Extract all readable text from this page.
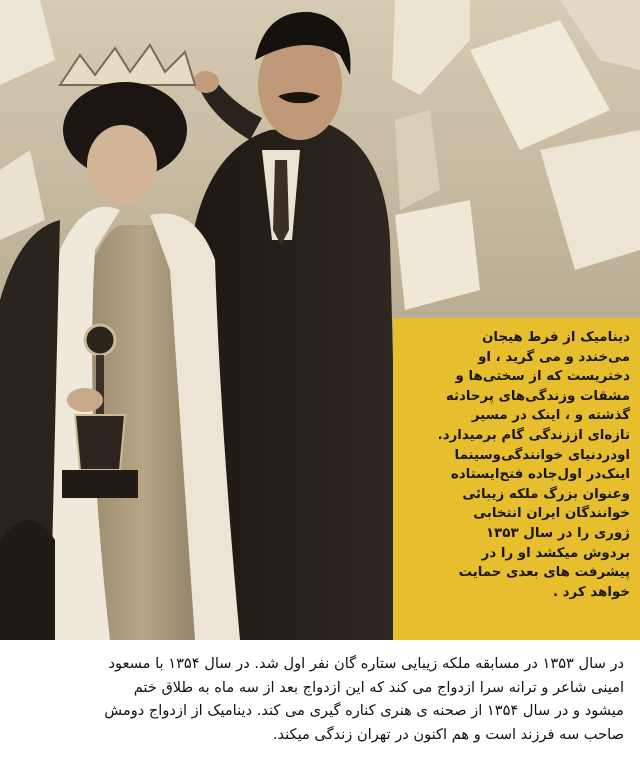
دینامیک از فرط هیجان
می‌خندد و می گرید ، او
دختریست که از سختی‌ها و
مشقات وزندگی‌های پرحادثه
گذشته و ، اینک در مسیر
تازه‌ای اززندگی گام برمیدارد.
اودردنیای خوانندگی‌وسینما
اینک‌در اول‌جاده فتح‌ایستاده
وعنوان بزرگ ملکه زیبائی
خوانندگان ایران انتخابی
ژوری را در سال ۱۳۵۳
بردوش میکشد او را در
پیشرفت های بعدی حمایت
خواهد کرد .
در سال ۱۳۵۳ در مسابقه ملکه زیبایی ستاره گان نفر اول شد. در سال ۱۳۵۴ با مسعود
امینی شاعر و ترانه سرا ازدواج می کند که این ازدواج بعد از سه ماه به طلاق ختم
میشود و در سال ۱۳۵۴ از صحنه ی هنری کناره گیری می کند. دینامیک از ازدواج دومش
صاحب سه فرزند است و هم اکنون در تهران زندگی میکند.
